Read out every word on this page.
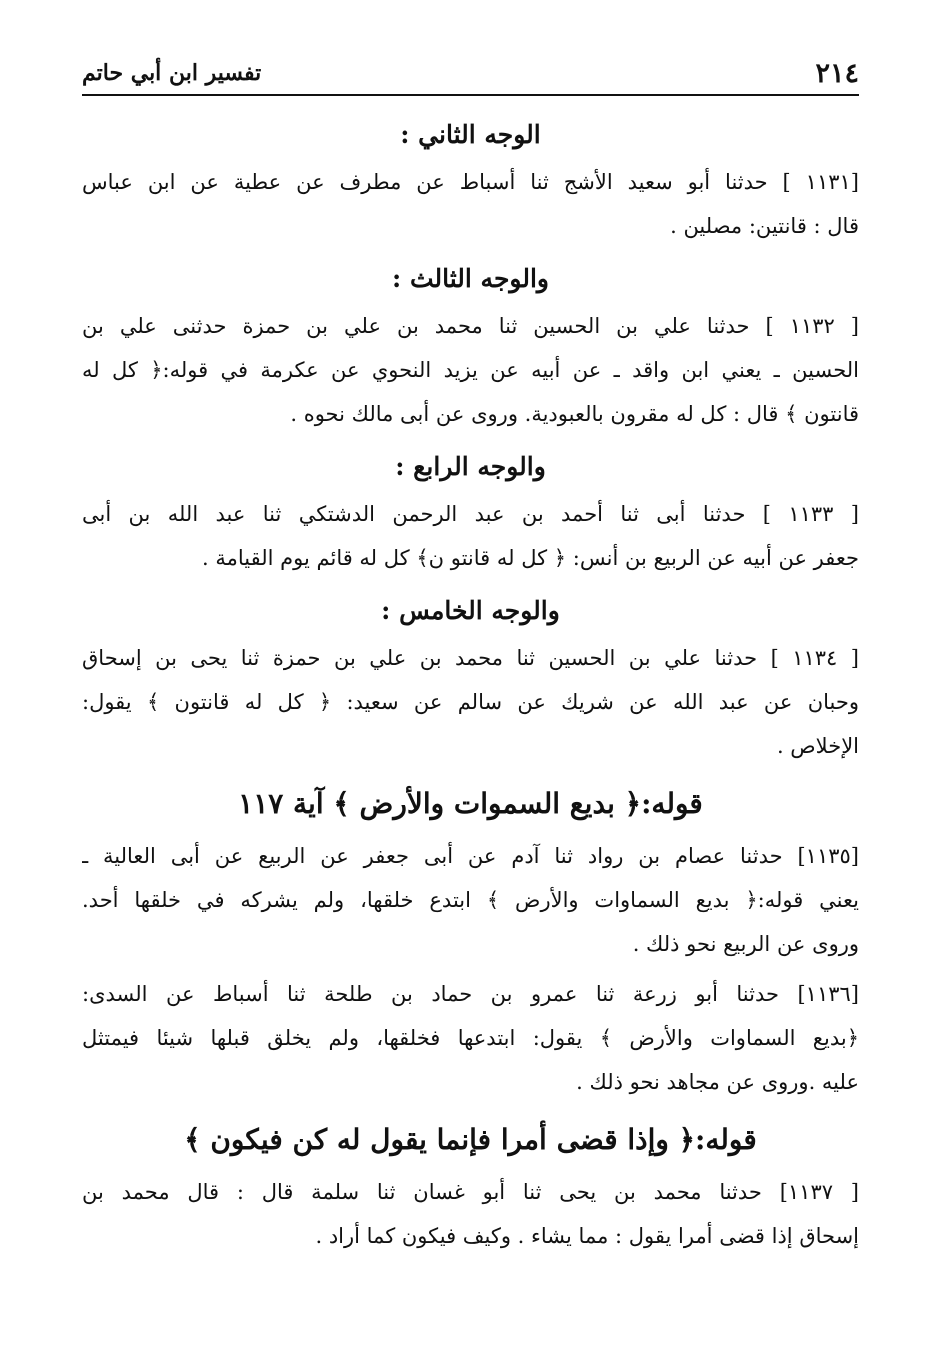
٢١٤
تفسير ابن أبي حاتم
الوجه الثاني :
[١١٣١ ] حدثنا أبو سعيد الأشج ثنا أسباط عن مطرف عن عطية عن ابن عباس
قال : قانتين: مصلين .
والوجه الثالث :
[ ١١٣٢ ] حدثنا علي بن الحسين ثنا محمد بن علي بن حمزة حدثنى علي بن
الحسين ـ يعني ابن واقد ـ عن أبيه عن يزيد النحوي عن عكرمة في قوله:﴿ كل له
قانتون ﴾ قال : كل له مقرون بالعبودية. وروى عن أبى مالك نحوه .
والوجه الرابع :
[ ١١٣٣ ] حدثنا أبى ثنا أحمد بن عبد الرحمن الدشتكي ثنا عبد الله بن أبى
جعفر عن أبيه عن الربيع بن أنس: ﴿ كل له قانتو ن﴾ كل له قائم يوم القيامة .
والوجه الخامس :
[ ١١٣٤ ] حدثنا علي بن الحسين ثنا محمد بن علي بن حمزة ثنا يحى بن إسحاق
وحبان عن عبد الله عن شريك عن سالم عن سعيد: ﴿ كل له قانتون ﴾ يقول:
الإخلاص .
قوله:﴿ بديع السموات والأرض ﴾ آية ١١٧
[١١٣٥] حدثنا عصام بن رواد ثنا آدم عن أبى جعفر عن الربيع عن أبى العالية ـ
يعني قوله:﴿ بديع السماوات والأرض ﴾ ابتدع خلقها، ولم يشركه في خلقها أحد.
وروى عن الربيع نحو ذلك .
[١١٣٦] حدثنا أبو زرعة ثنا عمرو بن حماد بن طلحة ثنا أسباط عن السدى:
﴿بديع السماوات والأرض ﴾ يقول: ابتدعها فخلقها، ولم يخلق قبلها شيئا فيمتثل
عليه .وروى عن مجاهد نحو ذلك .
قوله:﴿ وإذا قضى أمرا فإنما يقول له كن فيكون ﴾
[ ١١٣٧] حدثنا محمد بن يحى ثنا أبو غسان ثنا سلمة قال : قال محمد بن
إسحاق إذا قضى أمرا يقول : مما يشاء . وكيف فيكون كما أراد .
